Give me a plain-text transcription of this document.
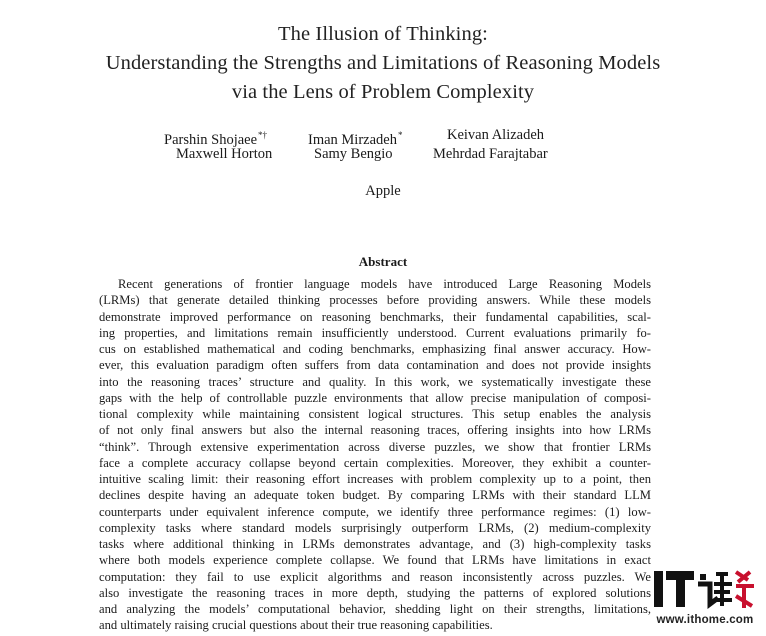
The Illusion of Thinking:
Understanding the Strengths and Limitations of Reasoning Models
via the Lens of Problem Complexity
Parshin Shojaee*†	Iman Mirzadeh*	Keivan Alizadeh
Maxwell Horton	Samy Bengio	Mehrdad Farajtabar
Apple
Abstract
Recent generations of frontier language models have introduced Large Reasoning Models
(LRMs) that generate detailed thinking processes before providing answers. While these models
demonstrate improved performance on reasoning benchmarks, their fundamental capabilities, scal-
ing properties, and limitations remain insufficiently understood. Current evaluations primarily fo-
cus on established mathematical and coding benchmarks, emphasizing final answer accuracy. How-
ever, this evaluation paradigm often suffers from data contamination and does not provide insights
into the reasoning traces’ structure and quality. In this work, we systematically investigate these
gaps with the help of controllable puzzle environments that allow precise manipulation of composi-
tional complexity while maintaining consistent logical structures. This setup enables the analysis
of not only final answers but also the internal reasoning traces, offering insights into how LRMs
“think”. Through extensive experimentation across diverse puzzles, we show that frontier LRMs
face a complete accuracy collapse beyond certain complexities. Moreover, they exhibit a counter-
intuitive scaling limit: their reasoning effort increases with problem complexity up to a point, then
declines despite having an adequate token budget. By comparing LRMs with their standard LLM
counterparts under equivalent inference compute, we identify three performance regimes: (1) low-
complexity tasks where standard models surprisingly outperform LRMs, (2) medium-complexity
tasks where additional thinking in LRMs demonstrates advantage, and (3) high-complexity tasks
where both models experience complete collapse. We found that LRMs have limitations in exact
computation: they fail to use explicit algorithms and reason inconsistently across puzzles. We
also investigate the reasoning traces in more depth, studying the patterns of explored solutions
and analyzing the models’ computational behavior, shedding light on their strengths, limitations,
and ultimately raising crucial questions about their true reasoning capabilities.	www.ithome.com
